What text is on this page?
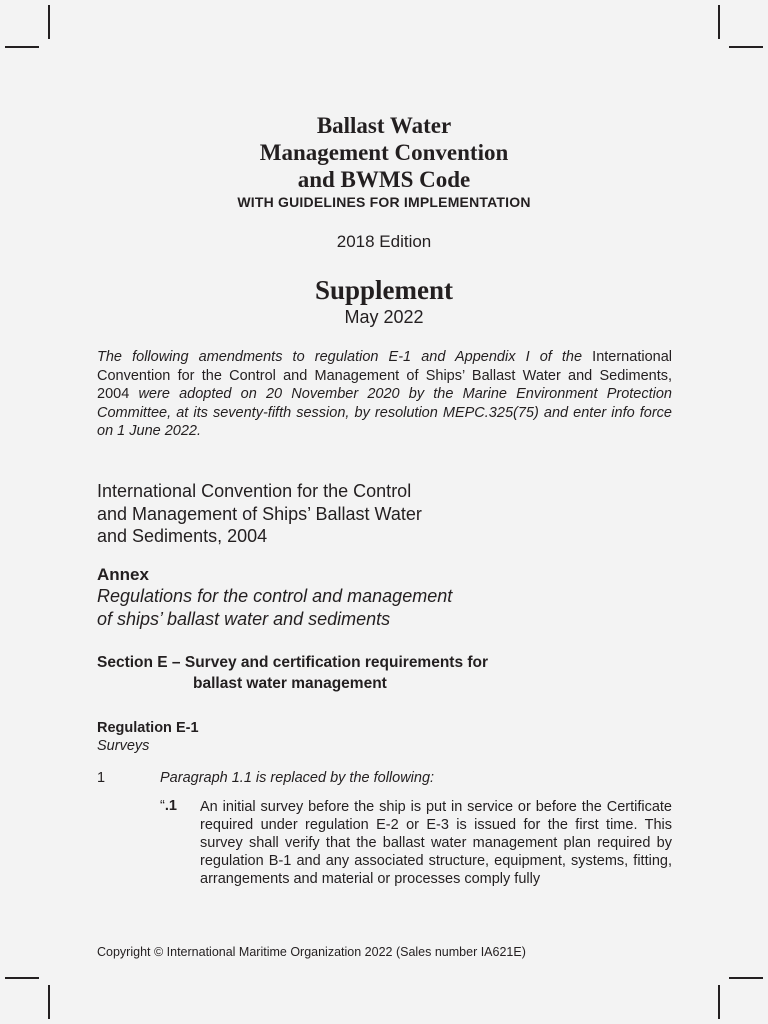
Ballast Water
Management Convention
and BWMS Code
WITH GUIDELINES FOR IMPLEMENTATION
2018 Edition
Supplement
May 2022
The following amendments to regulation E-1 and Appendix I of the International Convention for the Control and Management of Ships’ Ballast Water and Sediments, 2004 were adopted on 20 November 2020 by the Marine Environment Protection Committee, at its seventy-fifth session, by resolution MEPC.325(75) and enter info force on 1 June 2022.
International Convention for the Control
and Management of Ships’ Ballast Water
and Sediments, 2004
Annex
Regulations for the control and management
of ships’ ballast water and sediments
Section E – Survey and certification requirements for
ballast water management
Regulation E-1
Surveys
1	Paragraph 1.1 is replaced by the following:
“.1 An initial survey before the ship is put in service or before the Certificate required under regulation E-2 or E-3 is issued for the first time. This survey shall verify that the ballast water management plan required by regulation B-1 and any associated structure, equipment, systems, fitting, arrangements and material or processes comply fully
Copyright © International Maritime Organization 2022 (Sales number IA621E)
